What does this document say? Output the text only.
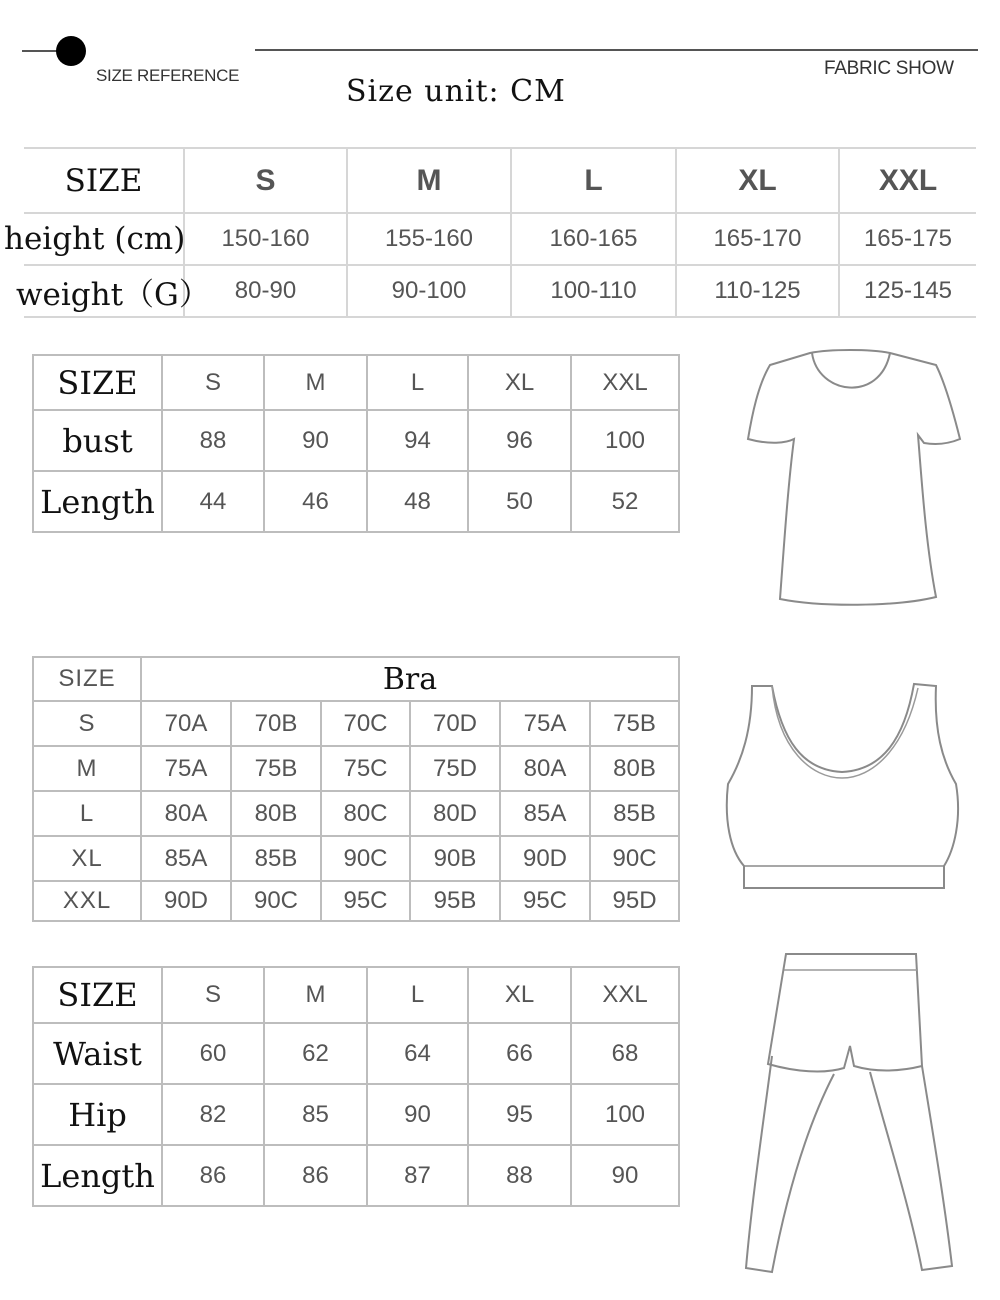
SIZE REFERENCE	FABRIC SHOW
Size unit: CM
SIZE	S	M	L	XL	XXL
height (cm)	150-160	155-160	160-165	165-170	165-175
weight（G）	80-90	90-100	100-110	110-125	125-145
SIZE	S	M	L	XL	XXL
bust	88	90	94	96	100
Length	44	46	48	50	52
SIZE	Bra					
S	70A	70B	70C	70D	75A	75B
M	75A	75B	75C	75D	80A	80B
L	80A	80B	80C	80D	85A	85B
XL	85A	85B	90C	90B	90D	90C
XXL	90D	90C	95C	95B	95C	95D
SIZE	S	M	L	XL	XXL
Waist	60	62	64	66	68
Hip	82	85	90	95	100
Length	86	86	87	88	90
